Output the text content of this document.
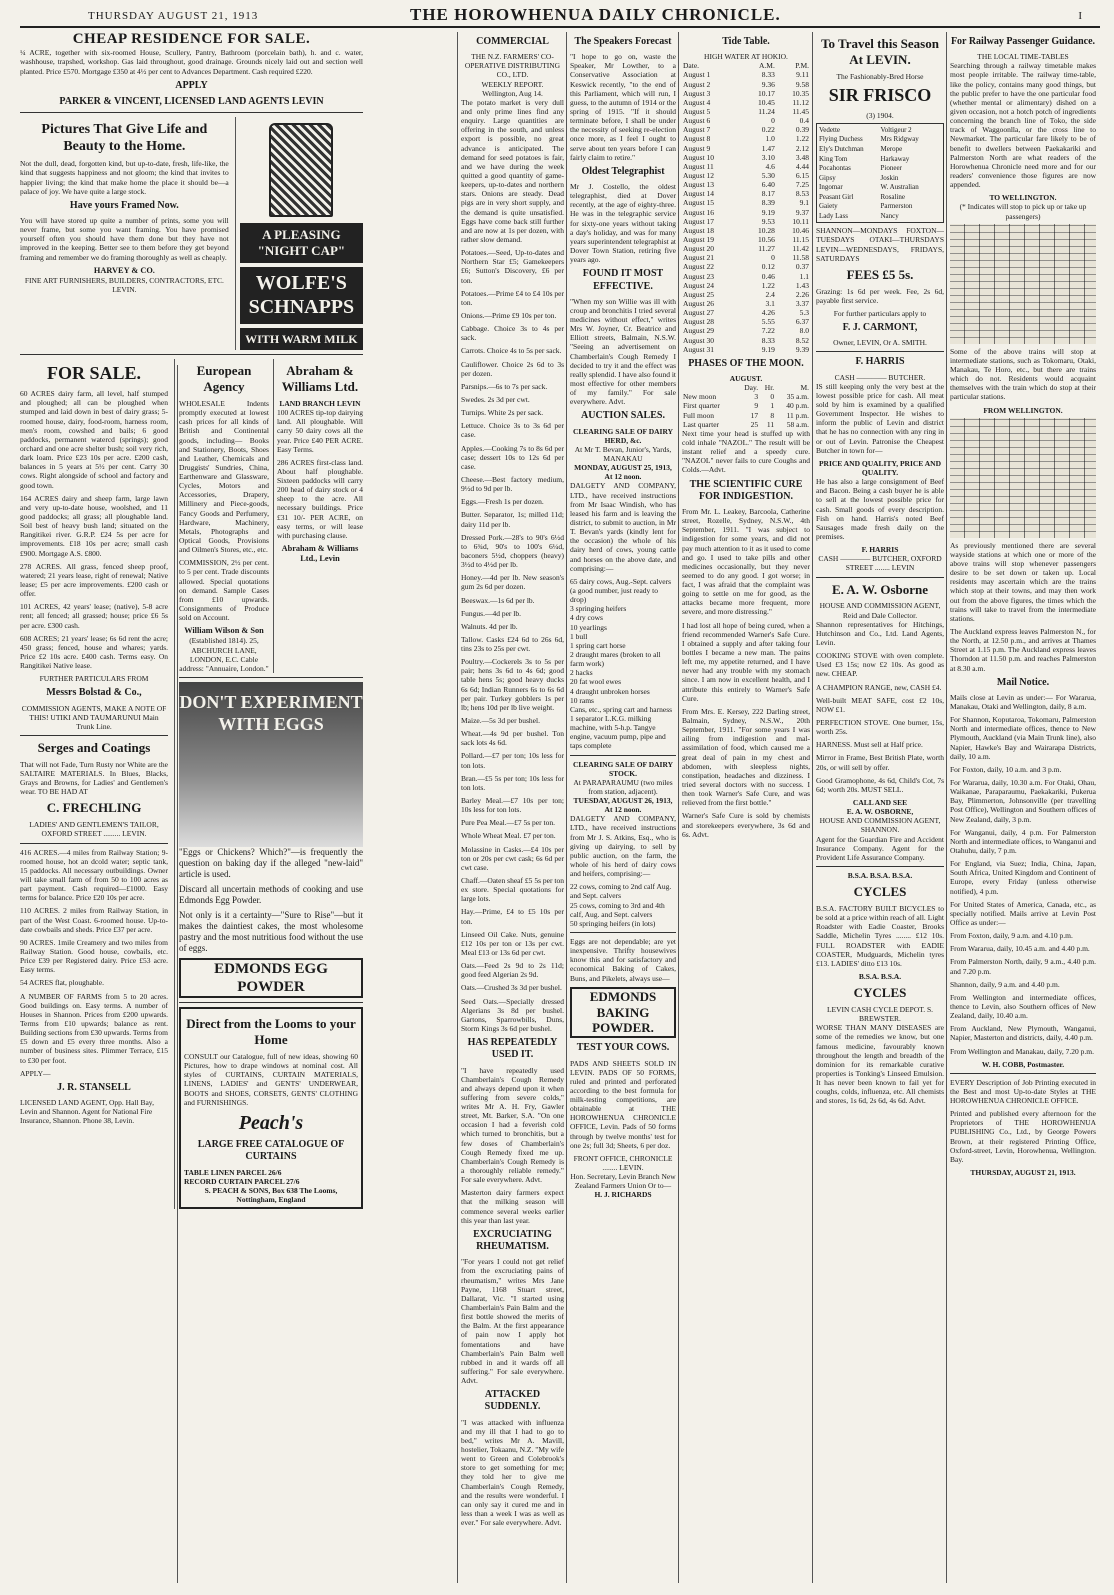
THURSDAY AUGUST 21, 1913	THE HOROWHENUA DAILY CHRONICLE.	I
CHEAP RESIDENCE FOR SALE.

¼ ACRE, together with six-roomed House, Scullery, Pantry, Bathroom (porcelain bath), h. and c. water, washhouse, trapshed, workshop. Gas laid throughout, good drainage. Grounds nicely laid out and section well planted. Price £570. Mortgage £350 at 4½ per cent to Advances Department. Cash required £220.

APPLY
PARKER & VINCENT, LICENSED LAND AGENTS LEVIN
Pictures That Give Life and Beauty to the Home.

Not the dull, dead, forgotten kind, but up-to-date, fresh, life-like, the kind that suggests happiness and not gloom; the kind that invites to happier living; the kind that make home the place it should be—a palace of joy. We have quite a large stock.

Have yours Framed Now.

You will have stored up quite a number of prints, some you will never frame, but some you want framing. You have promised yourself often you should have them done but they have not improved in the keeping. Better see to them before they get beyond framing and remember we do framing thoroughly as well as cheaply.

HARVEY & CO.
FINE ART FURNISHERS, BUILDERS, CONTRACTORS, ETC. LEVIN.
A PLEASING "NIGHT CAP"
WOLFE'S SCHNAPPS
WITH WARM MILK
FOR SALE.

60 ACRES dairy farm, all level, half stumped and ploughed; all can be ploughed when stumped and laid down in best of dairy grass; 5-roomed house, dairy, food-room, harness room, men's room, cowshed and bails; 6 good paddocks, permanent watercd (springs); good orchard and one acre shelter bush; soil very rich, dark loam. Price £23 10s per acre. £200 cash, balances in 5 years at 5½ per cent. Carry 30 cows. Right alongside of school and factory and good town.

164 ACRES dairy and sheep farm, large lawn and very up-to-date house, woolshed, and 11 good paddocks; all grass; all ploughable land. Soil best of heavy bush land; situated on the Rangitikei river. G.R.P. £24 5s per acre for improvements. £18 10s per acre; small cash £900. Mortgage A.S. £800.

278 ACRES. All grass, fenced sheep proof, watered; 21 years lease, right of renewal; Native lease; £5 per acre improvements. £200 cash or offer.

101 ACRES, 42 years' lease; (native), 5-8 acre rent; all fenced; all grassed; house; price £6 5s per acre. £300 cash.

608 ACRES; 21 years' lease; 6s 6d rent the acre; 450 grass; fenced, house and whares; yards. Price £2 10s acre. £400 cash. Terms easy. On Rangitikei Native lease.

FURTHER PARTICULARS FROM
Messrs Bolstad & Co.,
COMMISSION AGENTS, MAKE A NOTE OF THIS! UTIKI AND TAUMARUNUI Main Trunk Line.
Serges and Coatings

That will not Fade, Turn Rusty nor White are the SALTAIRE MATERIALS. In Blues, Blacks, Grays and Browns, for Ladies' and Gentlemen's wear. TO BE HAD AT

C. FRECHLING
LADIES' AND GENTLEMEN'S TAILOR, OXFORD STREET ......... LEVIN.

416 ACRES.—4 miles from Railway Station; 9-roomed house, hot an dcold water; septic tank, 15 paddocks. All necessary outbuildings. Owner will take small farm of from 50 to 100 acres as part payment. Cash required—£1000. Easy terms for balance. Price £20 10s per acre.

110 ACRES. 2 miles from Railway Station, in part of the West Coast. 6-roomed house. Up-to-date cowbails and sheds. Price £37 per acre.

90 ACRES. 1mile Creamery and two miles from Railway Station. Good house, cowbails, etc. Price £39 per Registered dairy. Price £53 acre. Easy terms.

54 ACRES flat, ploughable.

A NUMBER OF FARMS from 5 to 20 acres. Good buildings on. Easy terms. A number of Houses in Shannon. Prices from £200 upwards. Terms from £10 upwards; balance as rent. Building sections from £30 upwards. Terms from £5 down and £5 every three months. Also a number of business sites. Plimmer Terrace, £15 to £30 per foot.

APPLY—
J. R. STANSELL
LICENSED LAND AGENT, Opp. Hall Bay, Levin and Shannon. Agent for National Fire Insurance, Shannon. Phone 38, Levin.
European Agency

WHOLESALE Indents promptly executed at lowest cash prices for all kinds of British and Continental goods, including— Books and Stationery, Boots, Shoes and Leather, Chemicals and Druggists' Sundries, China, Earthenware and Glassware, Cycles, Motors and Accessories, Drapery, Millinery and Piece-goods, Fancy Goods and Perfumery, Hardware, Machinery, Metals, Photographs and Optical Goods, Provisions and Oilmen's Stores, etc., etc.

COMMISSION, 2½ per cent. to 5 per cent. Trade discounts allowed. Special quotations on demand. Sample Cases from £10 upwards. Consignments of Produce sold on Account.

William Wilson & Son
(Established 1814). 25, ABCHURCH LANE, LONDON, E.C. Cable address: "Annuaire, London."
Abraham & Williams Ltd.
LAND BRANCH LEVIN

100 ACRES tip-top dairying land. All ploughable. Will carry 50 dairy cows all the year. Price £40 PER ACRE. Easy Terms.

286 ACRES first-class land. About half ploughable. Sixteen paddocks will carry 200 head of dairy stock or 4 sheep to the acre. All necessary buildings. Price £31 10/- PER ACRE, on easy terms, or will lease with purchasing clause.

Abraham & Williams Ltd., Levin
DON'T EXPERIMENT WITH EGGS

"Eggs or Chickens? Which?"—is frequently the question on baking day if the alleged "new-laid" article is used.

Discard all uncertain methods of cooking and use Edmonds Egg Powder.

Not only is it a certainty—"Sure to Rise"—but it makes the daintiest cakes, the most wholesome pastry and the most nutritious food without the use of eggs.

EDMONDS EGG POWDER
Direct from the Looms to your Home

CONSULT our Catalogue, full of new ideas, showing 60 Pictures, how to drape windows at nominal cost. All styles of CURTAINS, CURTAIN MATERIALS, LINENS, LADIES' and GENTS' UNDERWEAR, BOOTS and SHOES, CORSETS, GENTS' CLOTHING and FURNISHINGS.

Peach's
LARGE FREE CATALOGUE OF CURTAINS
TABLE LINEN PARCEL 26/6
RECORD CURTAIN PARCEL 27/6
S. PEACH & SONS, Box 638 The Looms, Nottingham, England
COMMERCIAL
THE N.Z. FARMERS' CO-OPERATIVE DISTRIBUTING CO., LTD.
WEEKLY REPORT.
Wellington, Aug 14.

The potato market is very dull and only prime lines find any enquiry. Large quantities are offering in the south, and unless export is possible, no great advance is anticipated. The demand for seed potatoes is fair, and we have during the week quitted a good quantity of game-keepers, up-to-dates and northern stars. Onions are steady. Dead pigs are in very short supply, and the demand is quite unsatisfied. Eggs have come back still further and are now at 1s per dozen, with rather slow demand.

Potatoes.—Seed, Up-to-dates and Northern Star £5; Gamekeepers £6; Sutton's Discovery, £6 per ton.

Potatoes.—Prime £4 to £4 10s per ton.

Onions.—Prime £9 10s per ton.

Cabbage. Choice 3s to 4s per sack.

Carrots. Choice 4s to 5s per sack.

Cauliflower. Choice 2s 6d to 3s per dozen.

Parsnips.—6s to 7s per sack.

Swedes. 2s 3d per cwt.

Turnips. White 2s per sack.

Lettuce. Choice 3s to 3s 6d per case.

Apples.—Cooking 7s to 8s 6d per case; dessert 10s to 12s 6d per case.

Cheese.—Best factory medium, 9½d to 9d per lb.

Eggs.—Fresh 1s per dozen.

Butter. Separator, 1s; milled 11d; dairy 11d per lb.

Dressed Pork.—28's to 90's 6½d to 6¾d, 90's to 100's 6¼d, baconers 5½d, choppers (heavy) 3½d to 4½d per lb.

Honey.—4d per lb. New season's gum 2s 6d per dozen.

Beeswax.—1s 6d per lb.

Fungus.—4d per lb.

Walnuts. 4d per lb.

Tallow. Casks £24 6d to 26s 6d, tins 23s to 25s per cwt.

Poultry.—Cockerels 3s to 5s per pair; hens 3s 6d to 4s 6d; good table hens 5s; good heavy ducks 6s 6d; Indian Runners 6s to 6s 6d per pair. Turkey gobblers 1s per lb; hens 10d per lb live weight.

Maize.—5s 3d per bushel.

Wheat.—4s 9d per bushel. Ton sack lots 4s 6d.

Pollard.—£7 per ton; 10s less for ton lots.

Bran.—£5 5s per ton; 10s less for ton lots.

Barley Meal.—£7 10s per ton; 10s less for ton lots.

Pure Pea Meal.—£7 5s per ton.

Whole Wheat Meal. £7 per ton.

Molassine in Casks.—£4 10s per ton or 20s per cwt cask; 6s 6d per cwt case.

Chaff.—Oaten sheaf £5 5s per ton ex store. Special quotations for large lots.

Hay.—Prime, £4 to £5 10s per ton.

Linseed Oil Cake. Nuts, genuine £12 10s per ton or 13s per cwt. Meal £13 or 13s 6d per cwt.

Oats.—Feed 2s 9d to 2s 11d; good feed Algerian 2s 9d.

Oats.—Crushed 3s 3d per bushel.

Seed Oats.—Specially dressed Algerians 3s 8d per bushel. Gartons, Sparrowbills, Duns, Storm Kings 3s 6d per bushel.

HAS REPEATEDLY USED IT.

"I have repeatedly used Chamberlain's Cough Remedy and always depend upon it when suffering from severe colds," writes Mr A. H. Fry, Gawler street, Mt. Barker, S.A. "On one occasion I had a feverish cold which turned to bronchitis, but a few doses of Chamberlain's Cough Remedy fixed me up. Chamberlain's Cough Remedy is a thoroughly reliable remedy." For sale everywhere. Advt.

Masterton dairy farmers expect that the milking season will commence several weeks earlier this year than last year.

EXCRUCIATING RHEUMATISM.

"For years I could not get relief from the excruciating pains of rheumatism," writes Mrs Jane Payne, 1168 Stuart street, Dallarat, Vic. "I started using Chamberlain's Pain Balm and the first bottle showed the merits of the Balm. At the first appearance of pain now I apply hot fomentations and have Chamberlain's Pain Balm well rubbed in and it wards off all suffering." For sale everywhere. Advt.

ATTACKED SUDDENLY.

"I was attacked with influenza and my ill that I had to go to bed," writes Mr A. Mavill, hostelier, Tokaanu, N.Z. "My wife went to Green and Colebrook's store to get something for me; they told her to give me Chamberlain's Cough Remedy, and the results were wonderful. I can only say it cured me and in less than a week I was as well as ever." For sale everywhere. Advt.

The Speakers Forecast

"I hope to go on, waste the Speaker, Mr Lowther, to a Conservative Association at Keswick recently, "to the end of this Parliament, which will run, I guess, to the autumn of 1914 or the spring of 1915. "If it should terminate before, I shall be under the necessity of seeking re-election once more, as I feel I ought to serve about ten years before I can fairly claim to retire."

Oldest Telegraphist

Mr J. Costello, the oldest telegraphist, died at Dover recently, at the age of eighty-three. He was in the telegraphic service for sixty-one years without taking a day's holiday, and was for many years superintendent telegraphist at Dover Town Station, retiring five years ago.

FOUND IT MOST EFFECTIVE.

"When my son Willie was ill with croup and bronchitis I tried several medicines without effect," writes Mrs W. Joyner, Cr. Beatrice and Elliott streets, Balmain, N.S.W. "Seeing an advertisement on Chamberlain's Cough Remedy I decided to try it and the effect was really splendid. I have also found it most effective for other members of my family." For sale everywhere. Advt.

AUCTION SALES.
CLEARING SALE OF DAIRY HERD, &c.
At Mr T. Bevan, Junior's, Yards, MANAKAU
MONDAY, AUGUST 25, 1913, At 12 noon.

DALGETY AND COMPANY, LTD., have received instructions from Mr Isaac Windish, who has leased his farm and is leaving the district, to submit to auction, in Mr T. Bevan's yards (kindly lent for the occasion) the whole of his dairy herd of cows, young cattle and horses on the above date, and comprising:—

65 dairy cows, Aug.-Sept. calvers (a good number, just ready to drop)
3 springing heifers
4 dry cows
10 yearlings
1 bull
1 spring cart horse
2 draught mares (broken to all farm work)
2 hacks
20 fat wool ewes
4 draught unbroken horses
10 rams
Cans, etc., spring cart and harness
1 separator L.K.G. milking machine, with 5-h.p. Tangye engine, vacuum pump, pipe and taps complete
CLEARING SALE OF DAIRY STOCK.
At PARAPARAUMU (two miles from station, adjacent).
TUESDAY, AUGUST 26, 1913, At 12 noon.

DALGETY AND COMPANY, LTD., have received instructions from Mr J. S. Atkins, Esq., who is giving up dairying, to sell by public auction, on the farm, the whole of his herd of dairy cows and heifers, comprising:—

22 cows, coming to 2nd calf Aug. and Sept. calvers
25 cows, coming to 3rd and 4th calf, Aug. and Sept. calvers
50 springing heifers (in lots)

Eggs are not dependable; are yet inexpensive. Thrifty housewives know this and for satisfactory and economical Baking of Cakes, Buns, and Pikelets, always use—

EDMONDS BAKING POWDER.
TEST YOUR COWS.

PADS AND SHEETS SOLD IN LEVIN. PADS OF 50 FORMS, ruled and printed and perforated according to the best formula for milk-testing competitions, are obtainable at THE HOROWHENUA CHRONICLE OFFICE, Levin. Pads of 50 forms through by twelve months' test for one 2s; full 3d; Sheets, 6 per doz.

FRONT OFFICE, CHRONICLE ........ LEVIN.
Hon. Secretary, Levin Branch New Zealand Farmers Union Or to—
H. J. RICHARDS
Tide Table.
HIGH WATER AT HOKIO.
Date.	A.M.	P.M.
August 1	8.33	9.11
August 2	9.36	9.58
August 3	10.17	10.35
August 4	10.45	11.12
August 5	11.24	11.45
August 6	0	0.4
August 7	0.22	0.39
August 8	1.0	1.22
August 9	1.47	2.12
August 10	3.10	3.48
August 11	4.6	4.44
August 12	5.30	6.15
August 13	6.40	7.25
August 14	8.17	8.53
August 15	8.39	9.1
August 16	9.19	9.37
August 17	9.53	10.11
August 18	10.28	10.46
August 19	10.56	11.15
August 20	11.27	11.42
August 21	0	11.58
August 22	0.12	0.37
August 23	0.46	1.1
August 24	1.22	1.43
August 25	2.4	2.26
August 26	3.1	3.37
August 27	4.26	5.3
August 28	5.55	6.37
August 29	7.22	8.0
August 30	8.33	8.52
August 31	9.19	9.39
PHASES OF THE MOON.
AUGUST.
	Day.	Hr.	M.
New moon	3	0	35 a.m.
First quarter	9	1	40 p.m.
Full moon	17	8	11 p.m.
Last quarter	25	11	58 a.m.

Next time your head is stuffed up with cold inhale "NAZOL." The result will be instant relief and a speedy cure. "NAZOL" never fails to cure Coughs and Colds.—Advt.

THE SCIENTIFIC CURE FOR INDIGESTION.

From Mr. L. Leakey, Barcoola, Catherine street, Rozelle, Sydney, N.S.W., 4th September, 1911. "I was subject to indigestion for some years, and did not pay much attention to it as it used to come and go. I used to take pills and other medicines occasionally, but they never seemed to do any good. I got worse; in fact, I was afraid that the complaint was going to settle on me for good, as the attacks became more frequent, more severe, and more distressing."

I had lost all hope of being cured, when a friend recommended Warner's Safe Cure. I obtained a supply and after taking four bottles I became a new man. The pains left me, my appetite returned, and I have never had any trouble with my stomach since. I am now in excellent health, and I attribute this entirely to Warner's Safe Cure.

From Mrs. E. Kersey, 222 Darling street, Balmain, Sydney, N.S.W., 20th September, 1911. "For some years I was ailing from indigestion and mal-assimilation of food, which caused me a great deal of pain in my chest and abdomen, with sleepless nights, constipation, headaches and dizziness. I tried several doctors with no success. I then took Warner's Safe Cure, and was relieved from the first bottle."

Warner's Safe Cure is sold by chemists and storekeepers everywhere, 3s 6d and 6s. Advt.

To Travel this Season At LEVIN.
The Fashionably-Bred Horse
SIR FRISCO
(3) 1904.
Vedette	Voltigeur 2
Flying Duchess	Mrs Ridgway
Ely's Dutchman	Merope
King Tom	Harkaway
Pocahontas	Pioneer
Gipsy	Joskin
Ingomar	W. Australian
Peasant Girl	Rosaline
Gaiety	Parmerston
Lady Lass	Nancy

SHANNON—MONDAYS FOXTON—TUESDAYS OTAKI—THURSDAYS LEVIN—WEDNESDAYS, FRIDAYS, SATURDAYS

FEES £5 5s.

Grazing: 1s 6d per week. Fee, 2s 6d, payable first service.

For further particulars apply to
F. J. CARMONT,
Owner, LEVIN, Or A. SMITH.
F. HARRIS
CASH ———— BUTCHER.

IS still keeping only the very best at the lowest possible price for cash. All meat sold by him is examined by a qualified Government Inspector. He wishes to inform the public of Levin and district that he has no connection with any ring in or out of Levin. Patronise the Cheapest Butcher in town for—

PRICE AND QUALITY, PRICE AND QUALITY.

He has also a large consignment of Beef and Bacon. Being a cash buyer he is able to sell at the lowest possible price for cash. Small goods of every description. Fish on hand. Harris's noted Beef Sausages made fresh daily on the premises.

F. HARRIS
CASH ———— BUTCHER, OXFORD STREET ........ LEVIN
E. A. W. Osborne
HOUSE AND COMMISSION AGENT, Reid and Dale Collector.

Shannon representatives for Hitchings, Hutchinson and Co., Ltd. Land Agents, Levin.

COOKING STOVE with oven complete. Used £3 15s; now £2 10s. As good as new. CHEAP.

A CHAMPION RANGE, new, CASH £4.

Well-built MEAT SAFE, cost £2 10s, NOW £1.

PERFECTION STOVE. One burner, 15s, worth 25s.

HARNESS. Must sell at Half price.

Mirror in Frame, Best British Plate, worth 20s, or will sell by offer.

Good Gramophone, 4s 6d, Child's Cot, 7s 6d; worth 20s. MUST SELL.

CALL AND SEE
E. A. W. OSBORNE,
HOUSE AND COMMISSION AGENT, SHANNON.

Agent for the Guardian Fire and Accident Insurance Company. Agent for the Provident Life Assurance Company.

B.S.A. B.S.A. B.S.A.
CYCLES

B.S.A. FACTORY BUILT BICYCLES to be sold at a price within reach of all. Light Roadster with Eadie Coaster, Brooks Saddle, Michelin Tyres ........ £12 10s. FULL ROADSTER with EADIE COASTER, Mudguards, Michelin tyres £13. LADIES' ditto £13 10s.

B.S.A. B.S.A.
CYCLES
LEVIN CASH CYCLE DEPOT. S. BREWSTER.

WORSE THAN MANY DISEASES are some of the remedies we know, but one famous medicine, favourably known throughout the length and breadth of the dominion for its remarkable curative properties is Tonking's Linseed Emulsion. It has never been known to fail yet for coughs, colds, influenza, etc. All chemists and stores, 1s 6d, 2s 6d, 4s 6d. Advt.

For Railway Passenger Guidance.
THE LOCAL TIME-TABLES

Searching through a railway timetable makes most people irritable. The railway time-table, like the policy, contains many good things, but the public prefer to have the one particular food (whether mental or alimentary) dished on a given occasion, not a hotch potch of ingredients concerning the branch line of Toko, the side track of Waggoonlla, or the cross line to Newmarket. The particular fare likely to be of benefit to dwellers between Paekakariki and Palmerston North are what readers of the Horowhenua Chronicle need more and for our readers' convenience those figures are now appended.

TO WELLINGTON.
(* Indicates will stop to pick up or take up passengers)

Some of the above trains will stop at intermediate stations, such as Tokomaru, Otaki, Manakau, Te Horo, etc., but there are trains which do not. Residents would acquaint themselves with the train which do stop at their particular stations.

FROM WELLINGTON.

As previously mentioned there are several wayside stations at which one or more of the above trains will stop whenever passengers desire to be set down or taken up. Local residents may ascertain which are the trains which stop at their towns, and may then work out from the above figures, the times which the trains will take to travel from the intermediate stations.

The Auckland express leaves Palmerston N., for the North, at 12.50 p.m., and arrives at Thames Street at 1.15 p.m. The Auckland express leaves Thorndon at 11.50 p.m. and reaches Palmerston at 8.30 a.m.

Mail Notice.

Mails close at Levin as under:— For Wararua, Manakau, Otaki and Wellington, daily, 8 a.m.

For Shannon, Koputaroa, Tokomaru, Palmerston North and intermediate offices, thence to New Plymouth, Auckland (via Main Trunk line), also Napier, Hawke's Bay and Wairarapa Districts, daily, 10 a.m.

For Foxton, daily, 10 a.m. and 3 p.m.

For Wararua, daily, 10.30 a.m. For Otaki, Ohau, Waikanae, Paraparaumu, Paekakariki, Pukerua Bay, Plimmerton, Johnsonville (per travelling Post Office), Wellington and Southern offices of New Zealand, daily, 3 p.m.

For Wanganui, daily, 4 p.m. For Palmerston North and intermediate offices, to Wanganui and Otahuhu, daily, 7 p.m.

For England, via Suez; India, China, Japan, South Africa, United Kingdom and Continent of Europe, every Friday (unless otherwise notified), 4 p.m.

For United States of America, Canada, etc., as specially notified. Mails arrive at Levin Post Office as under:—

From Foxton, daily, 9 a.m. and 4.10 p.m.

From Wararua, daily, 10.45 a.m. and 4.40 p.m.

From Palmerston North, daily, 9 a.m., 4.40 p.m. and 7.20 p.m.

Shannon, daily, 9 a.m. and 4.40 p.m.

From Wellington and intermediate offices, thence to Levin, also Southern offices of New Zealand, daily, 10.40 a.m.

From Auckland, New Plymouth, Wanganui, Napier, Masterton and districts, daily, 4.40 p.m.

From Wellington and Manakau, daily, 7.20 p.m.

W. H. COBB, Postmaster.

EVERY Description of Job Printing executed in the Best and most Up-to-date Styles at THE HOROWHENUA CHRONICLE OFFICE.

Printed and published every afternoon for the Proprietors of THE HOROWHENUA PUBLISHING Co., Ltd., by George Powers Brown, at their registered Printing Office, Oxford-street, Levin, Horowhenua, Wellington. Bay.

THURSDAY, AUGUST 21, 1913.
